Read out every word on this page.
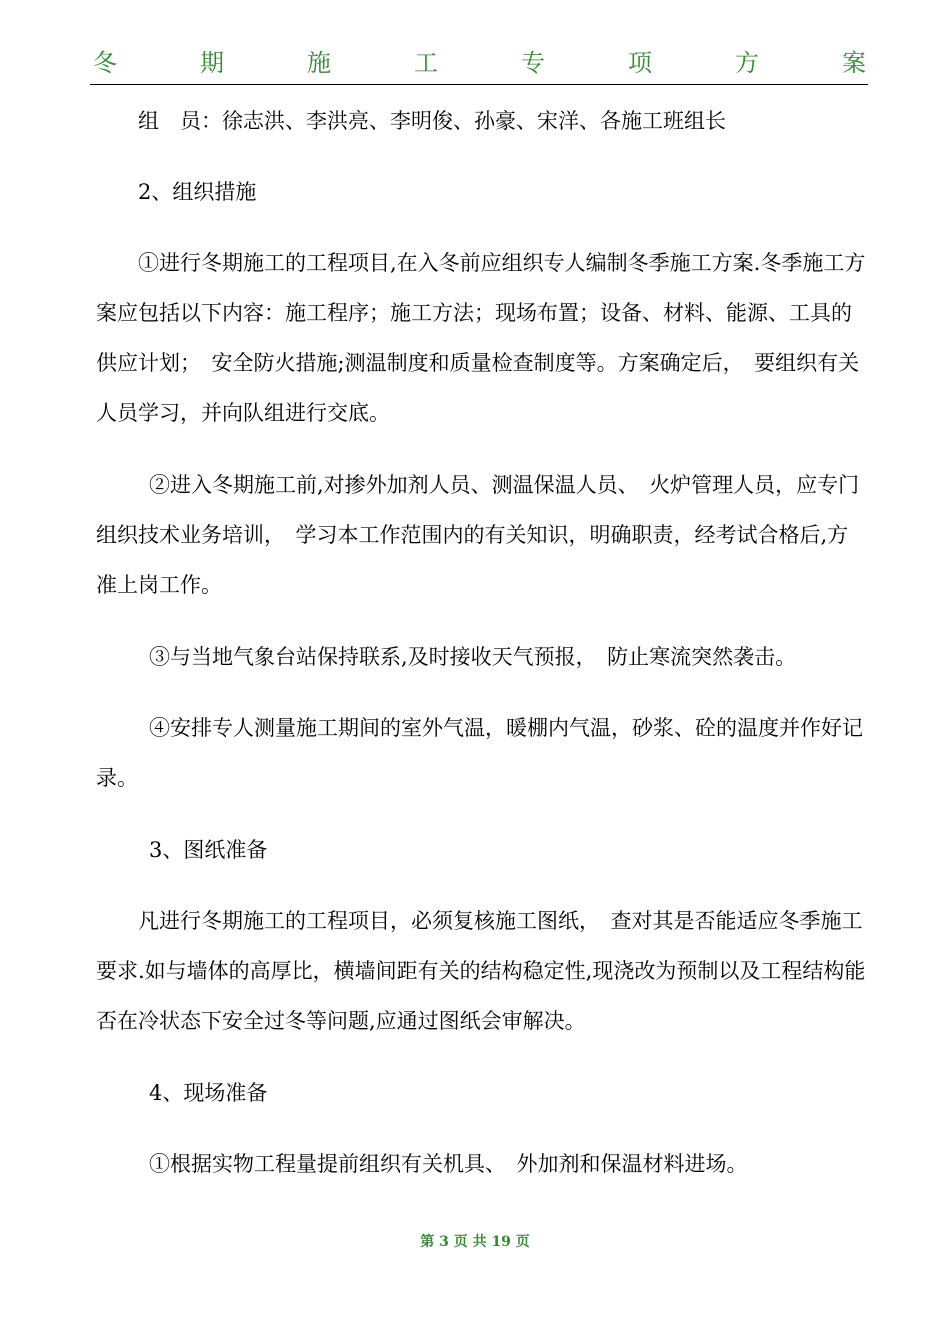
冬	期	施	工	专	项	方	案

组　员：徐志洪、李洪亮、李明俊、孙豪、宋洋、各施工班组长

2、组织措施

①进行冬期施工的工程项目,在入冬前应组织专人编制冬季施工方案.冬季施工方案应包括以下内容：施工程序；施工方法；现场布置；设备、材料、能源、工具的供应计划；　安全防火措施;测温制度和质量检查制度等。方案确定后，　要组织有关人员学习，并向队组进行交底。

②进入冬期施工前,对掺外加剂人员、测温保温人员、　火炉管理人员，应专门组织技术业务培训，　学习本工作范围内的有关知识，明确职责，经考试合格后,方准上岗工作。

③与当地气象台站保持联系,及时接收天气预报，　防止寒流突然袭击。

④安排专人测量施工期间的室外气温，暖棚内气温，砂浆、砼的温度并作好记录。

3、图纸准备

凡进行冬期施工的工程项目，必须复核施工图纸，　查对其是否能适应冬季施工要求.如与墙体的高厚比，横墙间距有关的结构稳定性,现浇改为预制以及工程结构能否在冷状态下安全过冬等问题,应通过图纸会审解决。

4、现场准备

①根据实物工程量提前组织有关机具、　外加剂和保温材料进场。

第 3 页 共 19 页
